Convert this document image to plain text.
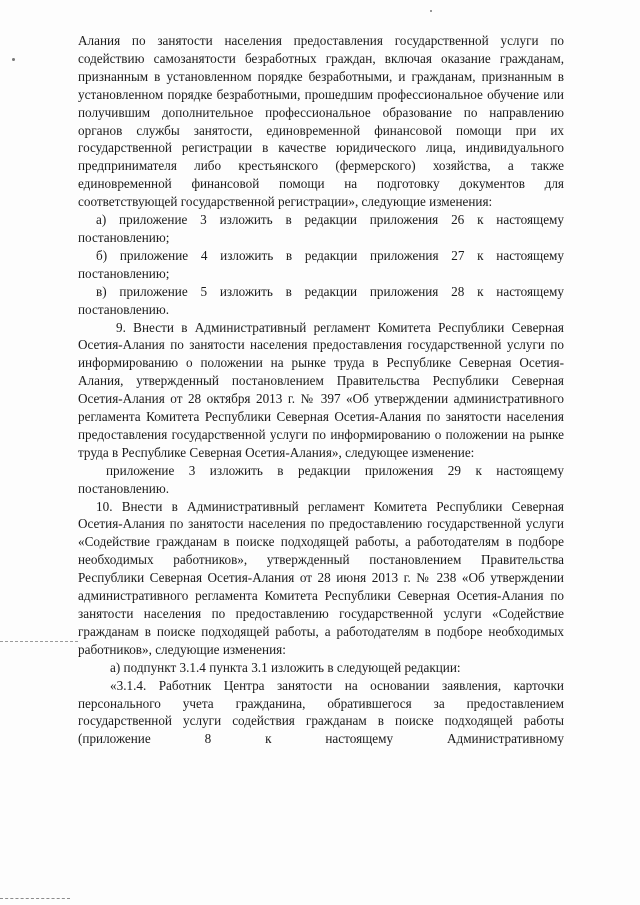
Алания по занятости населения предоставления государственной услуги по содействию самозанятости безработных граждан, включая оказание гражданам, признанным в установленном порядке безработными, и гражданам, признанным в установленном порядке безработными, прошедшим профессиональное обучение или получившим дополнительное профессиональное образование по направлению органов службы занятости, единовременной финансовой помощи при их государственной регистрации в качестве юридического лица, индивидуального предпринимателя либо крестьянского (фермерского) хозяйства, а также единовременной финансовой помощи на подготовку документов для соответствующей государственной регистрации», следующие изменения:

а) приложение 3 изложить в редакции приложения 26 к настоящему постановлению;

б) приложение 4 изложить в редакции приложения 27 к настоящему постановлению;

в) приложение 5 изложить в редакции приложения 28 к настоящему постановлению.

9. Внести в Административный регламент Комитета Республики Северная Осетия-Алания по занятости населения предоставления государственной услуги по информированию о положении на рынке труда в Республике Северная Осетия-Алания, утвержденный постановлением Правительства Республики Северная Осетия-Алания от 28 октября 2013 г. № 397 «Об утверждении административного регламента Комитета Республики Северная Осетия-Алания по занятости населения предоставления государственной услуги по информированию о положении на рынке труда в Республике Северная Осетия-Алания», следующее изменение:

приложение 3 изложить в редакции приложения 29 к настоящему постановлению.

10. Внести в Административный регламент Комитета Республики Северная Осетия-Алания по занятости населения по предоставлению государственной услуги «Содействие гражданам в поиске подходящей работы, а работодателям в подборе необходимых работников», утвержденный постановлением Правительства Республики Северная Осетия-Алания от 28 июня 2013 г. № 238 «Об утверждении административного регламента Комитета Республики Северная Осетия-Алания по занятости населения по предоставлению государственной услуги «Содействие гражданам в поиске подходящей работы, а работодателям в подборе необходимых работников», следующие изменения:

а) подпункт 3.1.4 пункта 3.1 изложить в следующей редакции:

«3.1.4. Работник Центра занятости на основании заявления, карточки персонального учета гражданина, обратившегося за предоставлением государственной услуги содействия гражданам в поиске подходящей работы (приложение 8 к настоящему Административному
